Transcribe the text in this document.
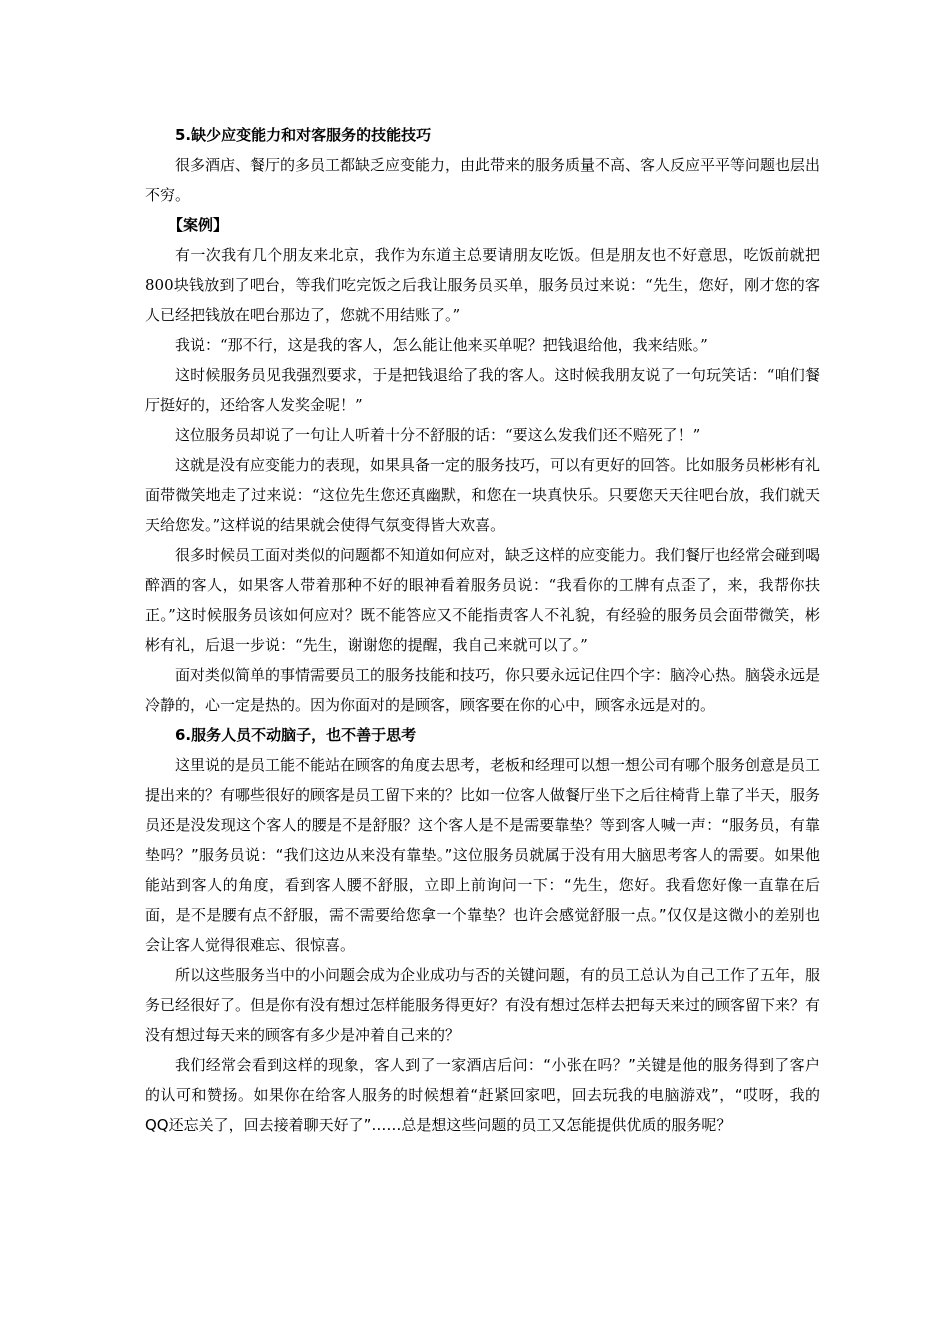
5.缺少应变能力和对客服务的技能技巧

很多酒店、餐厅的多员工都缺乏应变能力，由此带来的服务质量不高、客人反应平平等问题也层出不穷。

【案例】

有一次我有几个朋友来北京，我作为东道主总要请朋友吃饭。但是朋友也不好意思，吃饭前就把800块钱放到了吧台，等我们吃完饭之后我让服务员买单，服务员过来说：“先生，您好，刚才您的客人已经把钱放在吧台那边了，您就不用结账了。”

我说：“那不行，这是我的客人，怎么能让他来买单呢？把钱退给他，我来结账。”

这时候服务员见我强烈要求，于是把钱退给了我的客人。这时候我朋友说了一句玩笑话：“咱们餐厅挺好的，还给客人发奖金呢！”

这位服务员却说了一句让人听着十分不舒服的话：“要这么发我们还不赔死了！”

这就是没有应变能力的表现，如果具备一定的服务技巧，可以有更好的回答。比如服务员彬彬有礼面带微笑地走了过来说：“这位先生您还真幽默，和您在一块真快乐。只要您天天往吧台放，我们就天天给您发。”这样说的结果就会使得气氛变得皆大欢喜。

很多时候员工面对类似的问题都不知道如何应对，缺乏这样的应变能力。我们餐厅也经常会碰到喝醉酒的客人，如果客人带着那种不好的眼神看着服务员说：“我看你的工牌有点歪了，来，我帮你扶正。”这时候服务员该如何应对？既不能答应又不能指责客人不礼貌，有经验的服务员会面带微笑，彬彬有礼，后退一步说：“先生，谢谢您的提醒，我自己来就可以了。”

面对类似简单的事情需要员工的服务技能和技巧，你只要永远记住四个字：脑冷心热。脑袋永远是冷静的，心一定是热的。因为你面对的是顾客，顾客要在你的心中，顾客永远是对的。

6.服务人员不动脑子，也不善于思考

这里说的是员工能不能站在顾客的角度去思考，老板和经理可以想一想公司有哪个服务创意是员工提出来的？有哪些很好的顾客是员工留下来的？比如一位客人做餐厅坐下之后往椅背上靠了半天，服务员还是没发现这个客人的腰是不是舒服？这个客人是不是需要靠垫？等到客人喊一声：“服务员，有靠垫吗？”服务员说：“我们这边从来没有靠垫。”这位服务员就属于没有用大脑思考客人的需要。如果他能站到客人的角度，看到客人腰不舒服，立即上前询问一下：“先生，您好。我看您好像一直靠在后面，是不是腰有点不舒服，需不需要给您拿一个靠垫？也许会感觉舒服一点。”仅仅是这微小的差别也会让客人觉得很难忘、很惊喜。

所以这些服务当中的小问题会成为企业成功与否的关键问题，有的员工总认为自己工作了五年，服务已经很好了。但是你有没有想过怎样能服务得更好？有没有想过怎样去把每天来过的顾客留下来？有没有想过每天来的顾客有多少是冲着自己来的？

我们经常会看到这样的现象，客人到了一家酒店后问：“小张在吗？”关键是他的服务得到了客户的认可和赞扬。如果你在给客人服务的时候想着“赶紧回家吧，回去玩我的电脑游戏”，“哎呀，我的QQ还忘关了，回去接着聊天好了”……总是想这些问题的员工又怎能提供优质的服务呢？
